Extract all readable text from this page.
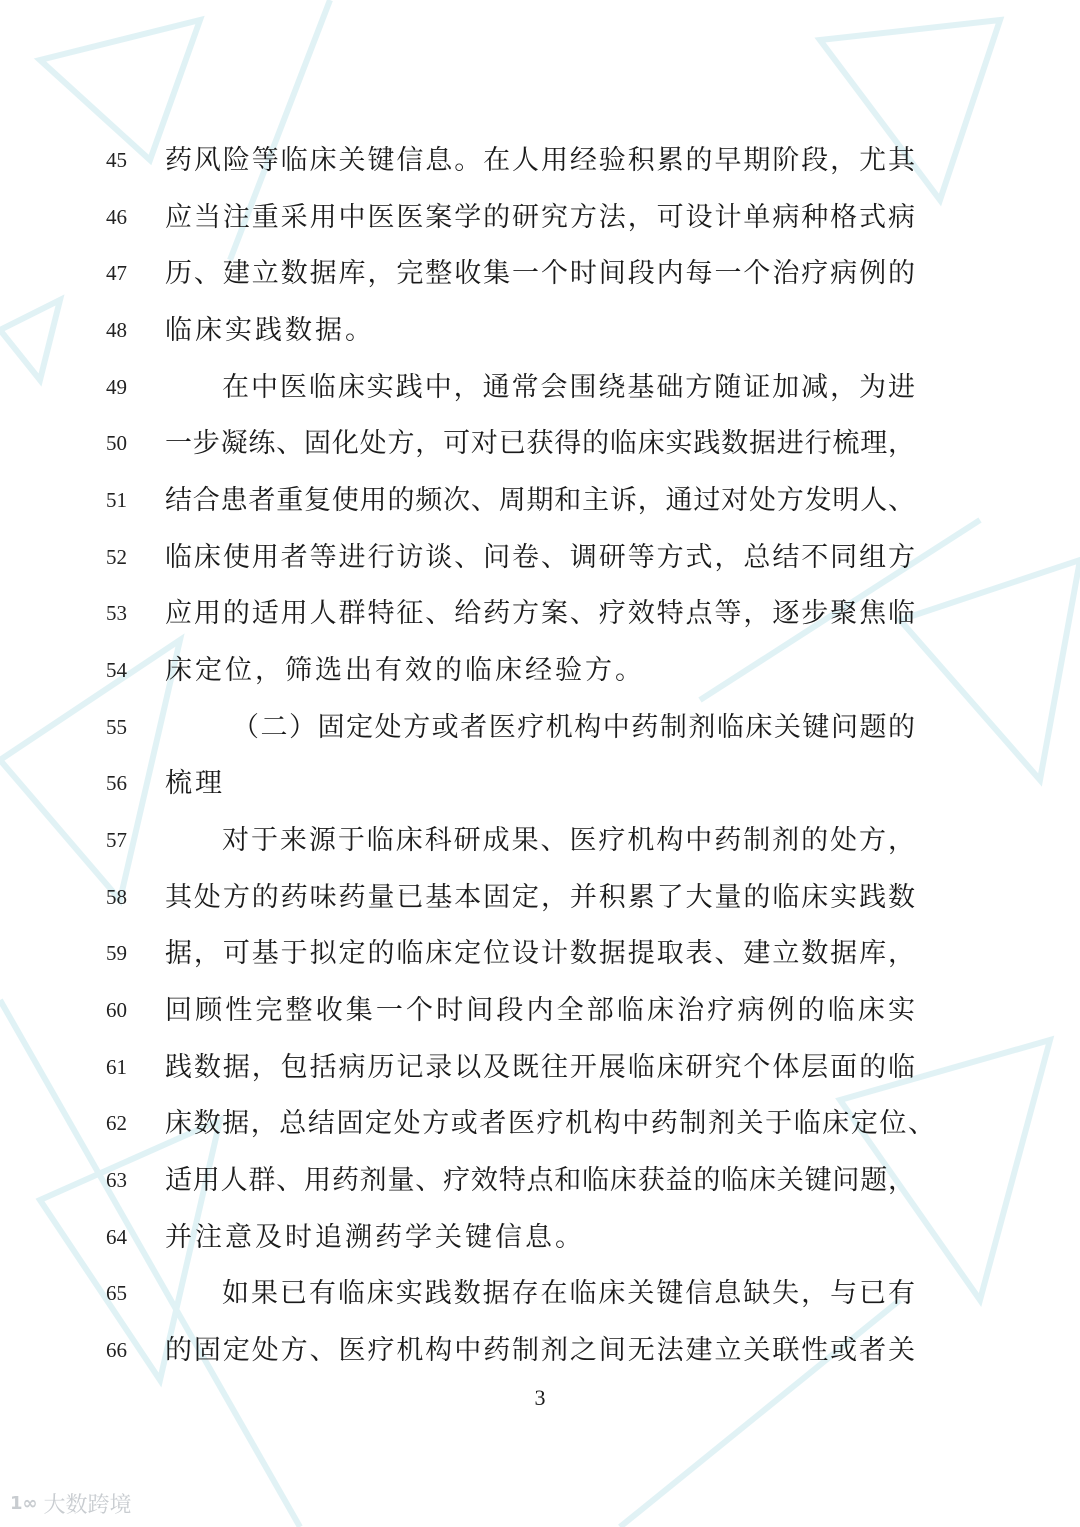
45	药风险等临床关键信息。在人用经验积累的早期阶段，尤其
46	应当注重采用中医医案学的研究方法，可设计单病种格式病
47	历、建立数据库，完整收集一个时间段内每一个治疗病例的
48	临床实践数据。
49	在中医临床实践中，通常会围绕基础方随证加减，为进
50	一步凝练、固化处方，可对已获得的临床实践数据进行梳理，
51	结合患者重复使用的频次、周期和主诉，通过对处方发明人、
52	临床使用者等进行访谈、问卷、调研等方式，总结不同组方
53	应用的适用人群特征、给药方案、疗效特点等，逐步聚焦临
54	床定位，筛选出有效的临床经验方。
55	（二）固定处方或者医疗机构中药制剂临床关键问题的
56	梳理
57	对于来源于临床科研成果、医疗机构中药制剂的处方，
58	其处方的药味药量已基本固定，并积累了大量的临床实践数
59	据，可基于拟定的临床定位设计数据提取表、建立数据库，
60	回顾性完整收集一个时间段内全部临床治疗病例的临床实
61	践数据，包括病历记录以及既往开展临床研究个体层面的临
62	床数据，总结固定处方或者医疗机构中药制剂关于临床定位、
63	适用人群、用药剂量、疗效特点和临床获益的临床关键问题，
64	并注意及时追溯药学关键信息。
65	如果已有临床实践数据存在临床关键信息缺失，与已有
66	的固定处方、医疗机构中药制剂之间无法建立关联性或者关
3
1∞ 大数跨境
